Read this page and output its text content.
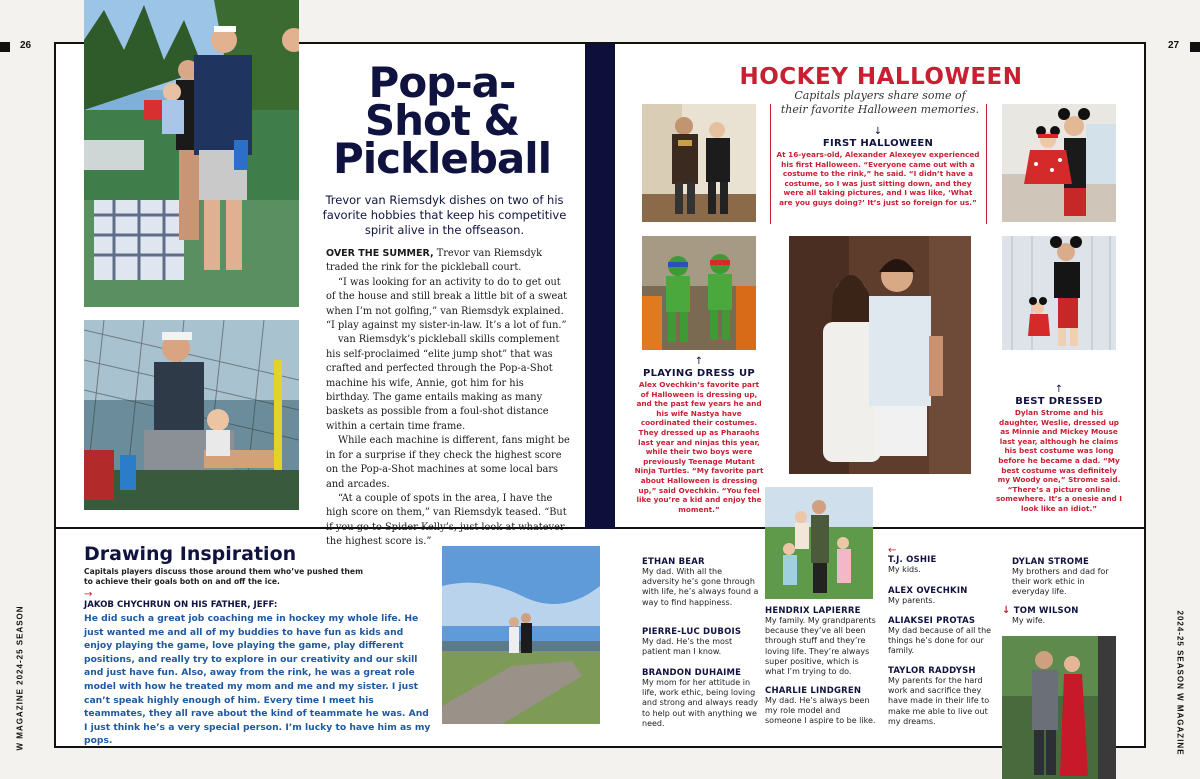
26	27
W MAGAZINE 2024-25 SEASON	2024-25 SEASON W MAGAZINE
Pop-a-
Shot &
Pickleball
Trevor van Riemsdyk dishes on two of his favorite hobbies that keep his competitive spirit alive in the offseason.

OVER THE SUMMER, Trevor van Riemsdyk traded the rink for the pickleball court.

“I was looking for an activity to do to get out of the house and still break a little bit of a sweat when I’m not golfing,” van Riemsdyk explained. “I play against my sister-in-law. It’s a lot of fun.”

van Riemsdyk’s pickleball skills complement his self-proclaimed “elite jump shot” that was crafted and perfected through the Pop-a-Shot machine his wife, Annie, got him for his birthday. The game entails making as many baskets as possible from a foul-shot distance within a certain time frame.

While each machine is different, fans might be in for a surprise if they check the highest score on the Pop-a-Shot machines at some local bars and arcades.

“At a couple of spots in the area, I have the high score on them,” van Riemsdyk teased. “But if you go to Spider Kelly’s, just look at whatever the highest score is.”

HOCKEY HALLOWEEN
Capitals players share some of their favorite Halloween memories.
↓
FIRST HALLOWEEN
At 16-years-old, Alexander Alexeyev experienced his first Halloween. “Everyone came out with a costume to the rink,” he said. “I didn’t have a costume, so I was just sitting down, and they were all taking pictures, and I was like, ‘What are you guys doing?’ It’s just so foreign for us.”
↑
PLAYING DRESS UP
Alex Ovechkin’s favorite part of Halloween is dressing up, and the past few years he and his wife Nastya have coordinated their costumes. They dressed up as Pharaohs last year and ninjas this year, while their two boys were previously Teenage Mutant Ninja Turtles. “My favorite part about Halloween is dressing up,” said Ovechkin. “You feel like you’re a kid and enjoy the moment.”
↑
BEST DRESSED
Dylan Strome and his daughter, Weslie, dressed up as Minnie and Mickey Mouse last year, although he claims his best costume was long before he became a dad. “My best costume was definitely my Woody one,” Strome said. “There’s a picture online somewhere. It’s a onesie and I look like an idiot.”
Drawing Inspiration
Capitals players discuss those around them who’ve pushed them to achieve their goals both on and off the ice.
→
JAKOB CHYCHRUN ON HIS FATHER, JEFF:
He did such a great job coaching me in hockey my whole life. He just wanted me and all of my buddies to have fun as kids and enjoy playing the game, love playing the game, play different positions, and really try to explore in our creativity and our skill and just have fun. Also, away from the rink, he was a great role model with how he treated my mom and me and my sister. I just can’t speak highly enough of him. Every time I meet his teammates, they all rave about the kind of teammate he was. And I just think he’s a very special person. I’m lucky to have him as my pops.
ETHAN BEAR
My dad. With all the adversity he’s gone through with life, he’s always found a way to find happiness.
PIERRE-LUC DUBOIS
My dad. He’s the most patient man I know.
BRANDON DUHAIME
My mom for her attitude in life, work ethic, being loving and strong and always ready to help out with anything we need.
HENDRIX LAPIERRE
My family. My grandparents because they’ve all been through stuff and they’re loving life. They’re always super positive, which is what I’m trying to do.
CHARLIE LINDGREN
My dad. He’s always been my role model and someone I aspire to be like.
←
T.J. OSHIE
My kids.
ALEX OVECHKIN
My parents.
ALIAKSEI PROTAS
My dad because of all the things he’s done for our family.
TAYLOR RADDYSH
My parents for the hard work and sacrifice they have made in their life to make me able to live out my dreams.
DYLAN STROME
My brothers and dad for their work ethic in everyday life.
↓ TOM WILSON
My wife.
